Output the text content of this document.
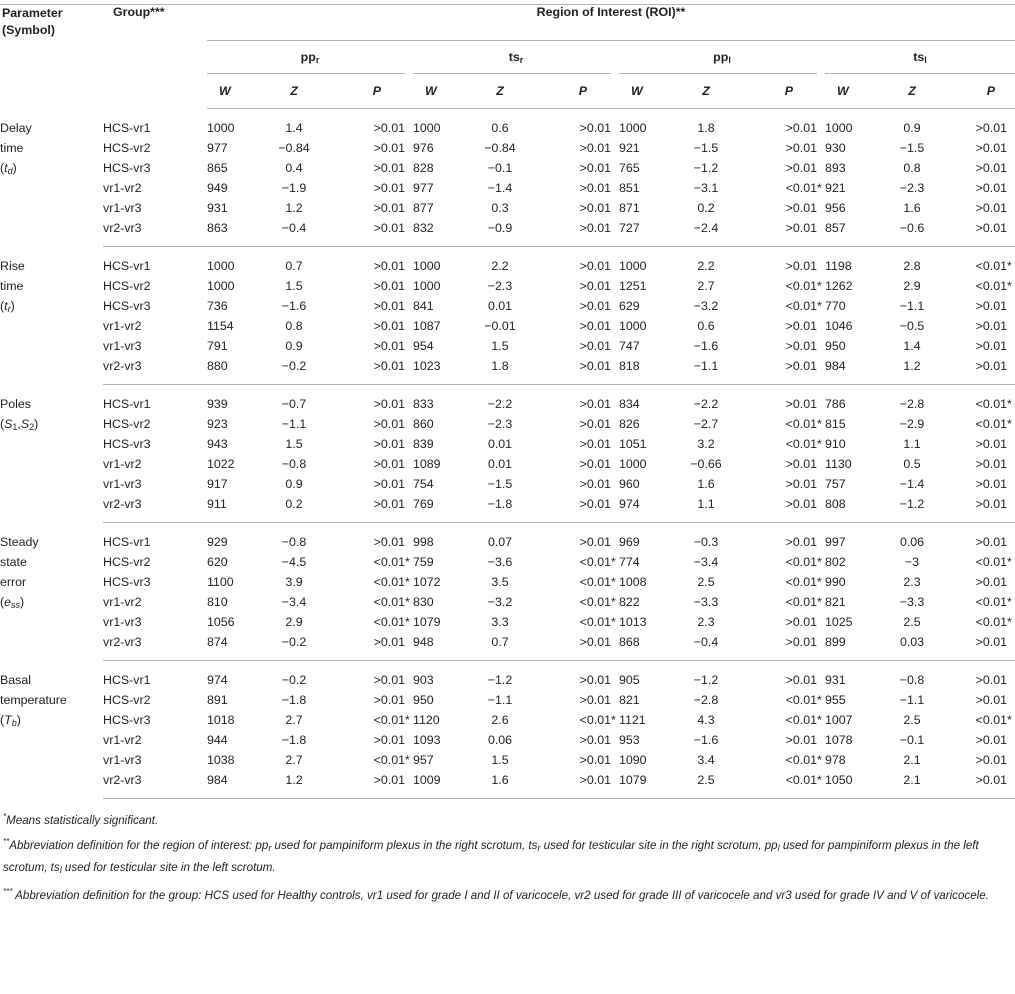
Parameter
(Symbol)	Group***	Region of Interest (ROI)**											
		$pp_r$			$ts_r$			$pp_l$			$ts_l$
		W	Z	P	W	Z	P	W	Z	P	W	Z	P
Delay
time
$(t_d)$	HCS-vr1	1000	1.4	>0.01	1000	0.6	>0.01	1000	1.8	>0.01	1000	0.9	>0.01
	HCS-vr2	977	−0.84	>0.01	976	−0.84	>0.01	921	−1.5	>0.01	930	−1.5	>0.01
	HCS-vr3	865	0.4	>0.01	828	−0.1	>0.01	765	−1.2	>0.01	893	0.8	>0.01
	vr1-vr2	949	−1.9	>0.01	977	−1.4	>0.01	851	−3.1	<0.01*	921	−2.3	>0.01
	vr1-vr3	931	1.2	>0.01	877	0.3	>0.01	871	0.2	>0.01	956	1.6	>0.01
	vr2-vr3	863	−0.4	>0.01	832	−0.9	>0.01	727	−2.4	>0.01	857	−0.6	>0.01
Rise
time
$(t_r)$	HCS-vr1	1000	0.7	>0.01	1000	2.2	>0.01	1000	2.2	>0.01	1198	2.8	<0.01*
	HCS-vr2	1000	1.5	>0.01	1000	−2.3	>0.01	1251	2.7	<0.01*	1262	2.9	<0.01*
	HCS-vr3	736	−1.6	>0.01	841	0.01	>0.01	629	−3.2	<0.01*	770	−1.1	>0.01
	vr1-vr2	1154	0.8	>0.01	1087	−0.01	>0.01	1000	0.6	>0.01	1046	−0.5	>0.01
	vr1-vr3	791	0.9	>0.01	954	1.5	>0.01	747	−1.6	>0.01	950	1.4	>0.01
	vr2-vr3	880	−0.2	>0.01	1023	1.8	>0.01	818	−1.1	>0.01	984	1.2	>0.01
Poles
$(S_1,S_2)$	HCS-vr1	939	−0.7	>0.01	833	−2.2	>0.01	834	−2.2	>0.01	786	−2.8	<0.01*
	HCS-vr2	923	−1.1	>0.01	860	−2.3	>0.01	826	−2.7	<0.01*	815	−2.9	<0.01*
	HCS-vr3	943	1.5	>0.01	839	0.01	>0.01	1051	3.2	<0.01*	910	1.1	>0.01
	vr1-vr2	1022	−0.8	>0.01	1089	0.01	>0.01	1000	−0.66	>0.01	1130	0.5	>0.01
	vr1-vr3	917	0.9	>0.01	754	−1.5	>0.01	960	1.6	>0.01	757	−1.4	>0.01
	vr2-vr3	911	0.2	>0.01	769	−1.8	>0.01	974	1.1	>0.01	808	−1.2	>0.01
Steady
state
error
$(e_{ss})$	HCS-vr1	929	−0.8	>0.01	998	0.07	>0.01	969	−0.3	>0.01	997	0.06	>0.01
	HCS-vr2	620	−4.5	<0.01*	759	−3.6	<0.01*	774	−3.4	<0.01*	802	−3	<0.01*
	HCS-vr3	1100	3.9	<0.01*	1072	3.5	<0.01*	1008	2.5	<0.01*	990	2.3	>0.01
	vr1-vr2	810	−3.4	<0.01*	830	−3.2	<0.01*	822	−3.3	<0.01*	821	−3.3	<0.01*
	vr1-vr3	1056	2.9	<0.01*	1079	3.3	<0.01*	1013	2.3	>0.01	1025	2.5	<0.01*
	vr2-vr3	874	−0.2	>0.01	948	0.7	>0.01	868	−0.4	>0.01	899	0.03	>0.01
Basal
temperature
$(T_b)$	HCS-vr1	974	−0.2	>0.01	903	−1.2	>0.01	905	−1.2	>0.01	931	−0.8	>0.01
	HCS-vr2	891	−1.8	>0.01	950	−1.1	>0.01	821	−2.8	<0.01*	955	−1.1	>0.01
	HCS-vr3	1018	2.7	<0.01*	1120	2.6	<0.01*	1121	4.3	<0.01*	1007	2.5	<0.01*
	vr1-vr2	944	−1.8	>0.01	1093	0.06	>0.01	953	−1.6	>0.01	1078	−0.1	>0.01
	vr1-vr3	1038	2.7	<0.01*	957	1.5	>0.01	1090	3.4	<0.01*	978	2.1	>0.01
	vr2-vr3	984	1.2	>0.01	1009	1.6	>0.01	1079	2.5	<0.01*	1050	2.1	>0.01

*Means statistically significant.

**Abbreviation definition for the region of interest: $pp_r$ used for pampiniform plexus in the right scrotum, $ts_r$ used for testicular site in the right scrotum, $pp_l$ used for pampiniform plexus in the left scrotum, $ts_l$ used for testicular site in the left scrotum.

*** Abbreviation definition for the group: HCS used for Healthy controls, vr1 used for grade I and II of varicocele, vr2 used for grade III of varicocele and vr3 used for grade IV and V of varicocele.
